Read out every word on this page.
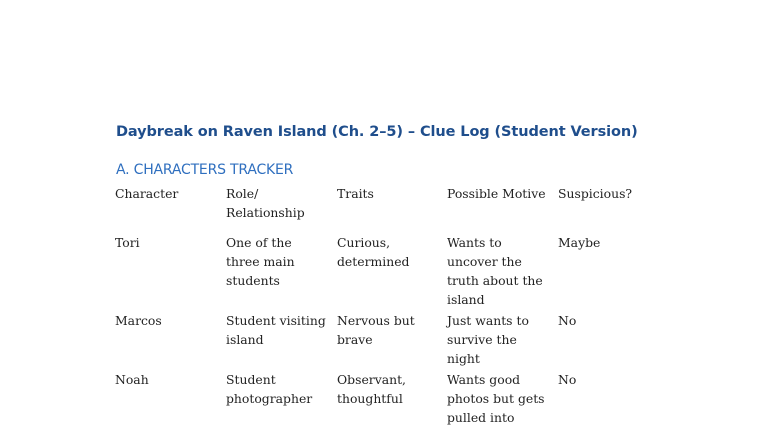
Daybreak on Raven Island (Ch. 2–5) – Clue Log (Student Version)
A. CHARACTERS TRACKER
Character	Role/ Relationship	Traits	Possible Motive	Suspicious?
Tori	One of the three main students	Curious, determined	Wants to uncover the truth about the island	Maybe
Marcos	Student visiting island	Nervous but brave	Just wants to survive the night	No
Noah	Student photographer	Observant, thoughtful	Wants good photos but gets pulled into	No
